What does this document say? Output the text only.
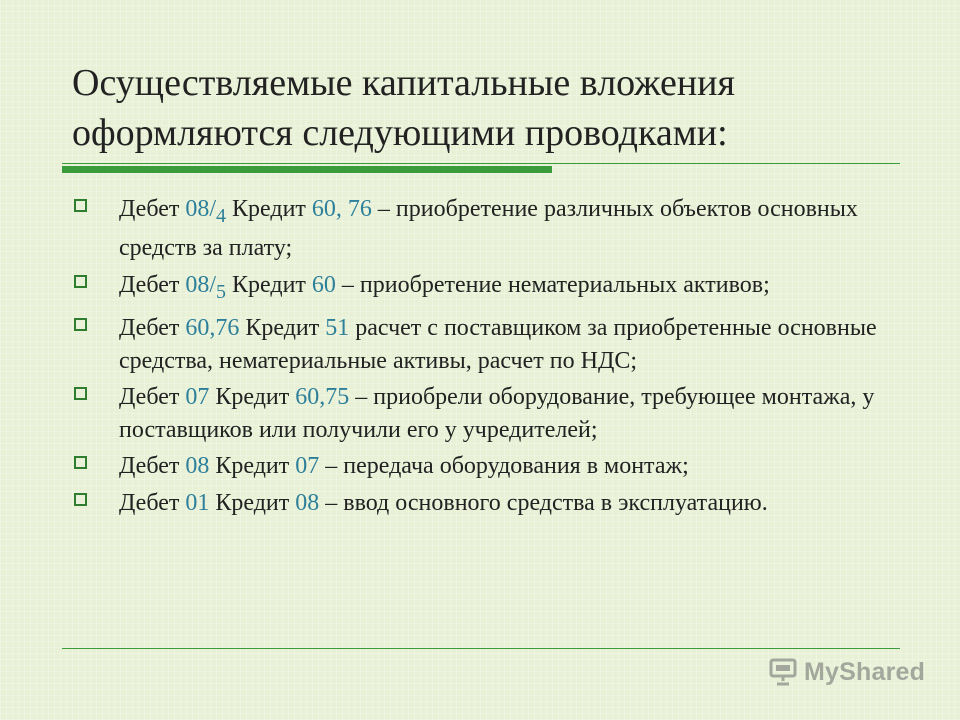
Осуществляемые капитальные вложения
оформляются следующими проводками:
Дебет $08/_4$ Кредит 60, 76 – приобретение различных объектов основных средств за плату;
Дебет $08/_5$ Кредит 60 – приобретение нематериальных активов;
Дебет 60,76 Кредит 51 расчет с поставщиком за приобретенные основные средства, нематериальные активы, расчет по НДС;
Дебет 07 Кредит 60,75 – приобрели оборудование, требующее монтажа, у поставщиков или получили его у учредителей;
Дебет 08 Кредит 07 – передача оборудования в монтаж;
Дебет 01 Кредит 08 – ввод основного средства в эксплуатацию.
MyShared
